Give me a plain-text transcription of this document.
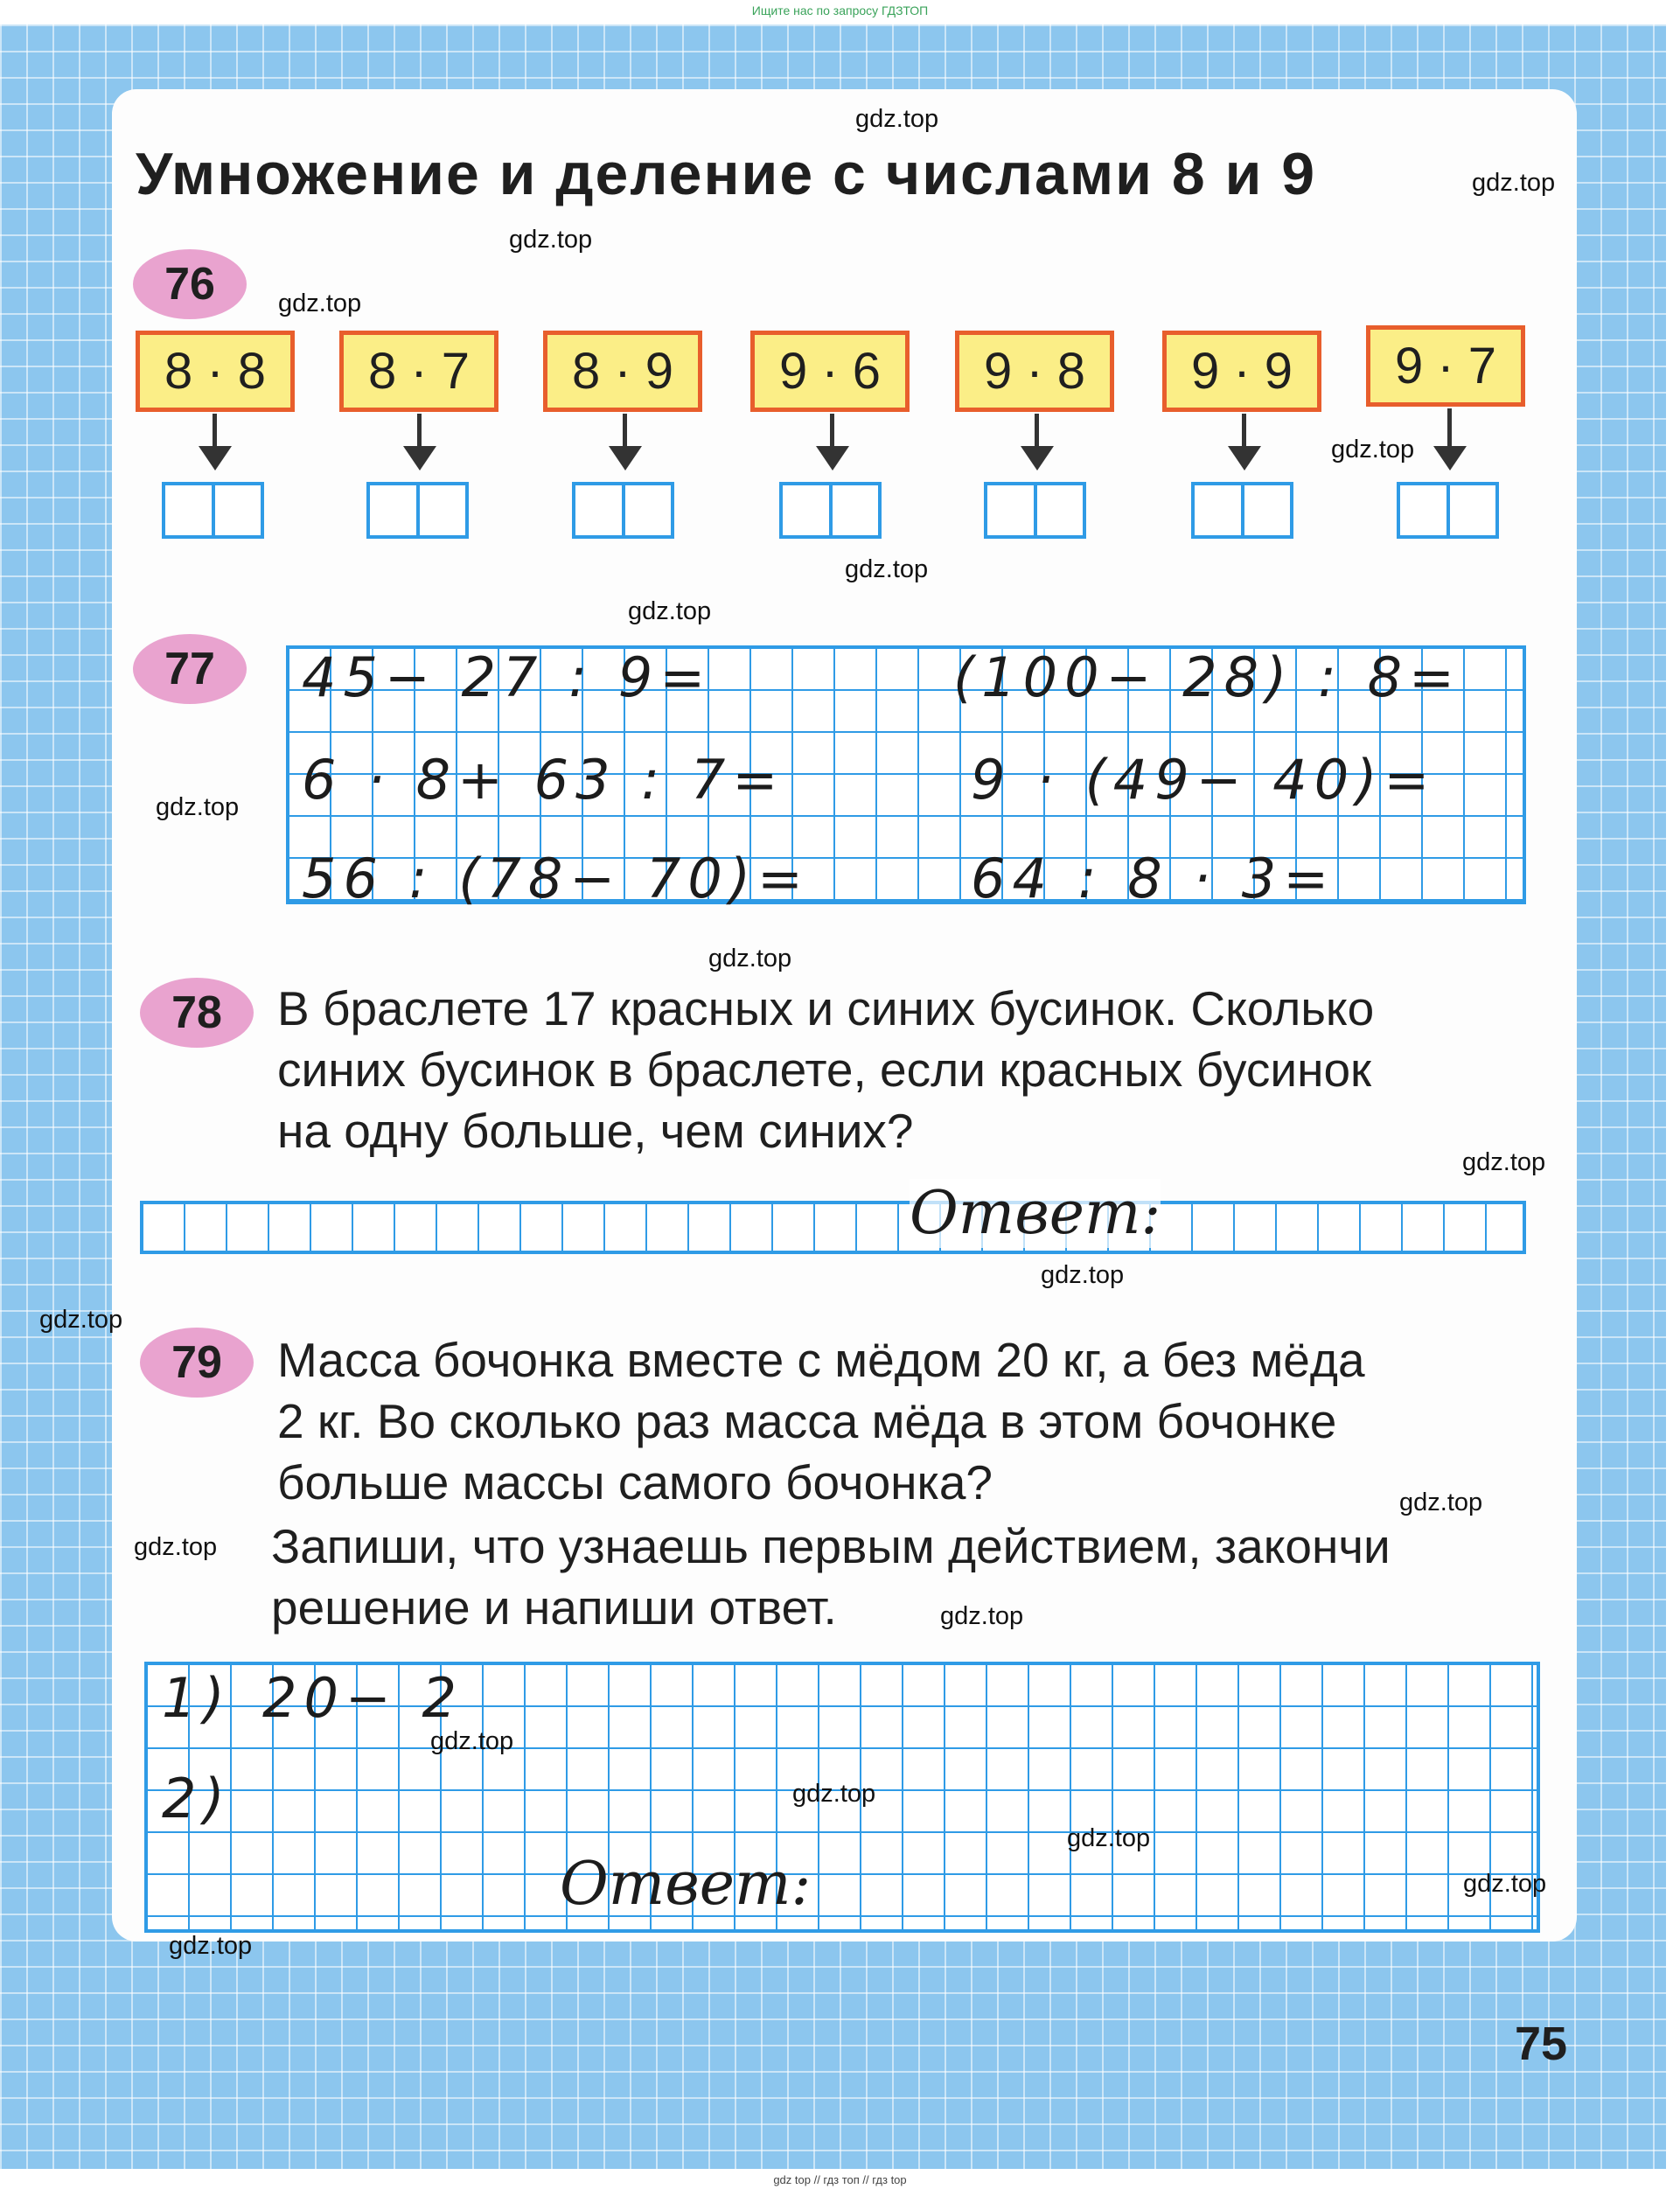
Ищите нас по запросу ГДЗТОП
Умножение и деление с числами 8 и 9
76
8 · 8	8 · 7	8 · 9	9 · 6	9 · 8	9 · 9	9 · 7
77	45− 27 : 9=	(100− 28) : 8=
6 · 8+ 63 : 7=	9 · (49− 40)=
56 : (78− 70)=	64 : 8 · 3=
78	В браслете 17 красных и синих бусинок. Сколько
синих бусинок в браслете, если красных бусинок
на одну больше, чем синих?
Ответ:
79	Масса бочонка вместе с мёдом 20 кг, а без мёда
2 кг. Во сколько раз масса мёда в этом бочонке
больше массы самого бочонка?
Запиши, что узнаешь первым действием, закончи
решение и напиши ответ.
1) 20− 2
2)
Ответ:
75
gdz.top
gdz.top
gdz.top
gdz.top
gdz.top
gdz.top
gdz.top
gdz.top
gdz.top
gdz.top
gdz.top
gdz.top
gdz.top
gdz.top
gdz.top
gdz.top
gdz.top
gdz.top
gdz.top
gdz.top
gdz top // гдз топ // гдз top
